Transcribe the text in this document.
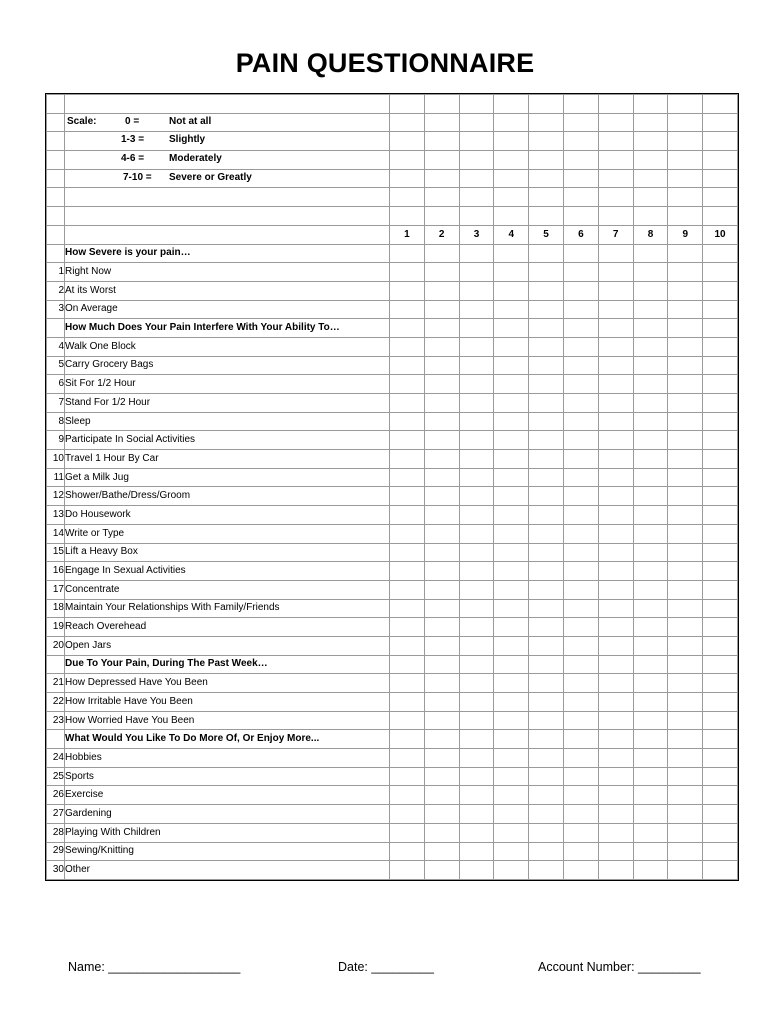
PAIN QUESTIONNAIRE

	Scale: 0 = Not at all										

	1-3 = Slightly										

	4-6 = Moderately										

	7-10 = Severe or Greatly										

		1	2	3	4	5	6	7	8	9	10
	How Severe is your pain…										
1	Right Now										
2	At its Worst										
3	On Average										
	How Much Does Your Pain Interfere With Your Ability To…										
4	Walk One Block										
5	Carry Grocery Bags										
6	Sit For 1/2 Hour										
7	Stand For 1/2 Hour										
8	Sleep										
9	Participate In Social Activities										
10	Travel 1 Hour By Car										
11	Get a Milk Jug										
12	Shower/Bathe/Dress/Groom										
13	Do Housework										
14	Write or Type										
15	Lift a Heavy Box										
16	Engage In Sexual Activities										
17	Concentrate										
18	Maintain Your Relationships With Family/Friends										
19	Reach Overehead										
20	Open Jars										
	Due To Your Pain, During The Past Week…										
21	How Depressed Have You Been										
22	How Irritable Have You Been										
23	How Worried Have You Been										
	What Would You Like To Do More Of, Or Enjoy More...										
24	Hobbies										
25	Sports										
26	Exercise										
27	Gardening										
28	Playing With Children										
29	Sewing/Knitting										
30	Other										
Name: ___________________	Date: _________	Account Number: _________
